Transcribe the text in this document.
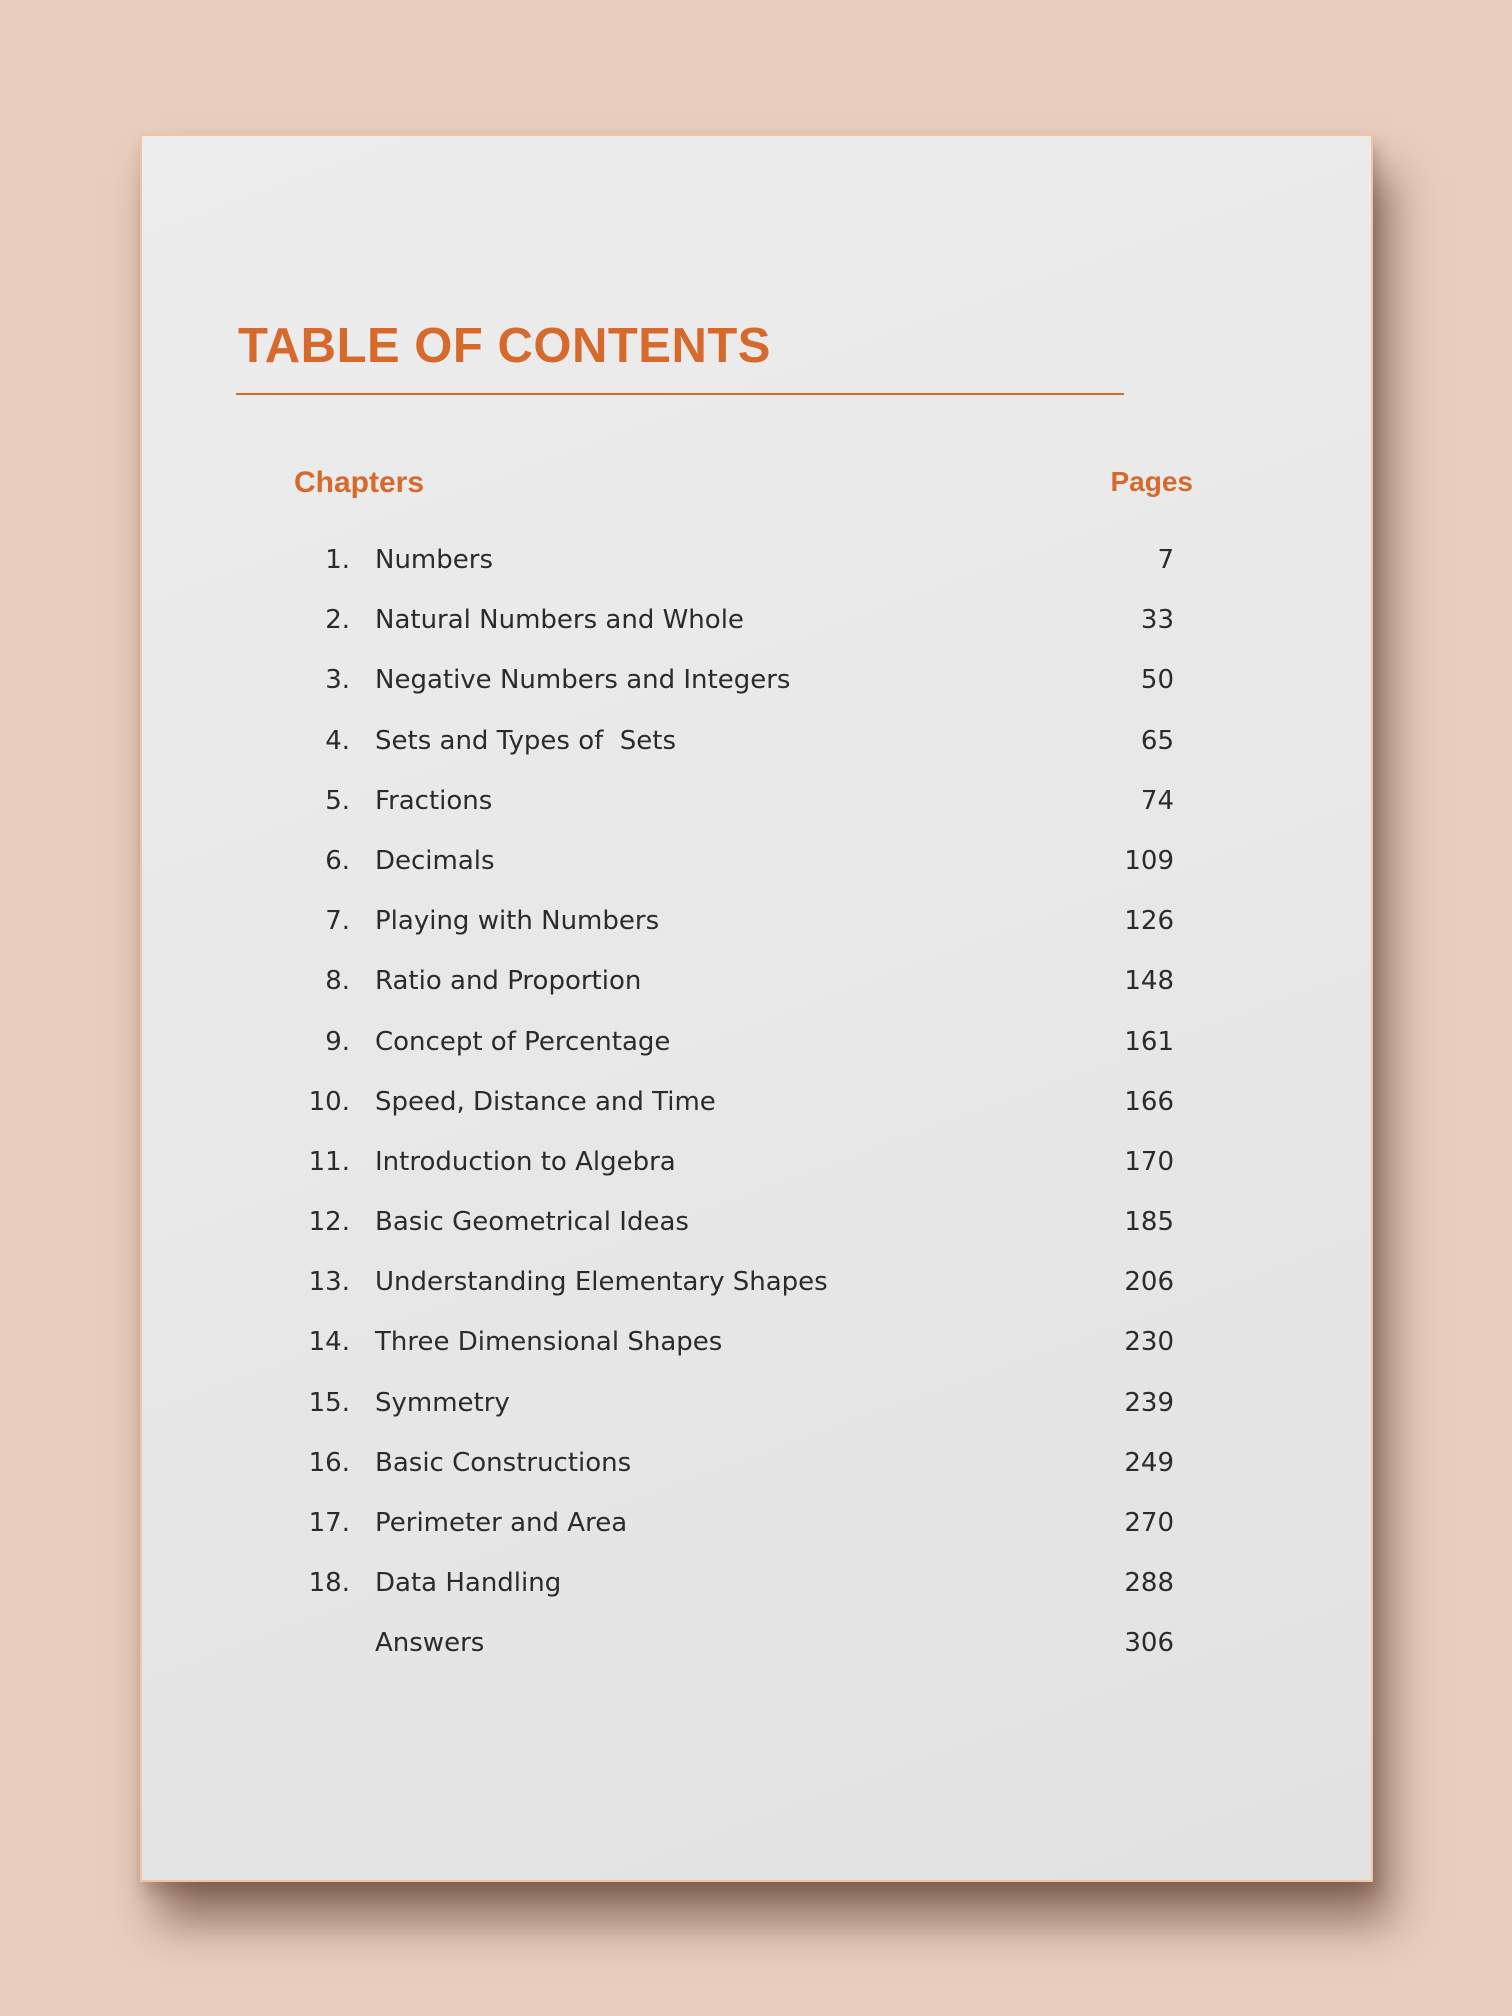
TABLE OF CONTENTS
Chapters	Pages
1. Numbers	7
2. Natural Numbers and Whole	33
3. Negative Numbers and Integers	50
4. Sets and Types of  Sets	65
5. Fractions	74
6. Decimals	109
7. Playing with Numbers	126
8. Ratio and Proportion	148
9. Concept of Percentage	161
10. Speed, Distance and Time	166
11. Introduction to Algebra	170
12. Basic Geometrical Ideas	185
13. Understanding Elementary Shapes	206
14. Three Dimensional Shapes	230
15. Symmetry	239
16. Basic Constructions	249
17. Perimeter and Area	270
18. Data Handling	288
Answers	306
